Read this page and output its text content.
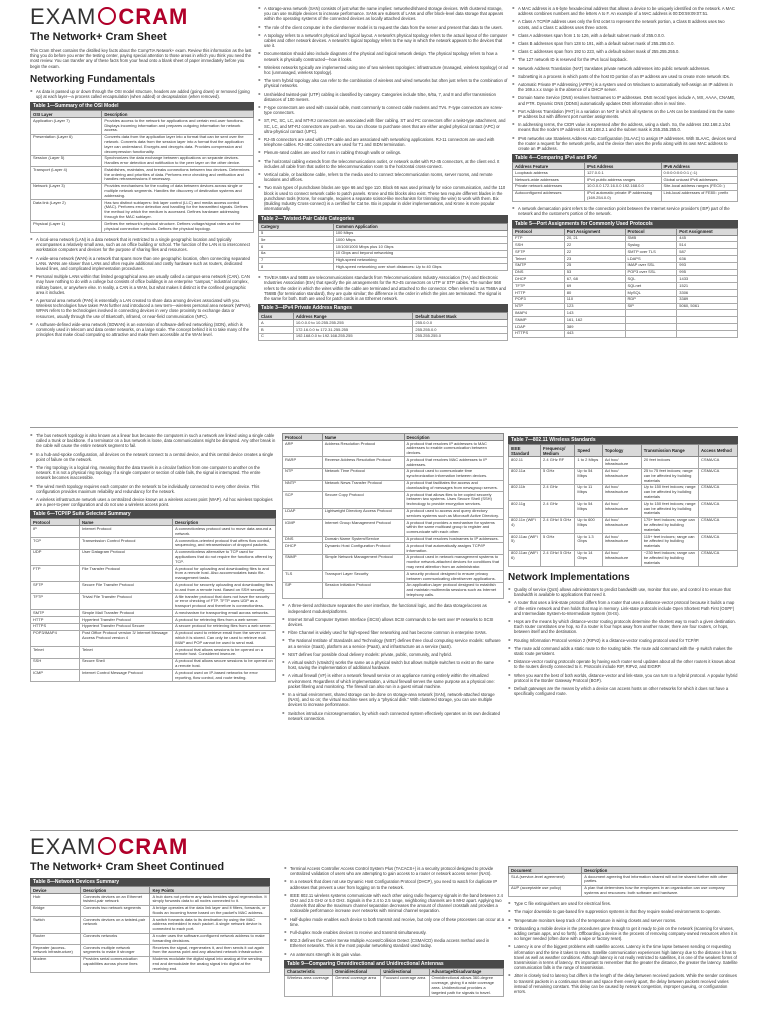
EXAM CRAM
The Network+ Cram Sheet

This Cram Sheet contains the distilled key facts about the CompTIA Network+ exam. Review this information as the last thing you do before you enter the testing center, paying special attention to those areas in which you think you need the most review. You can transfer any of these facts from your head onto a blank sheet of paper immediately before you begin the exam.

Networking Fundamentals
► As data is passed up or down through the OSI model structure, headers are added (going down) or removed (going up) at each layer—a process called encapsulation (when added) or decapsulation (when removed).
Table 1—Summary of the OSI Model
OSI Layer	Description
Application (Layer 7)	Provides access to the network for applications and certain end-user functions. Displays incoming information and prepares outgoing information for network access.
Presentation (Layer 6)	Converts data from the application layer into a format that can be sent over the network. Converts data from the session layer into a format that the application layer can understand. Encrypts and decrypts data. Provides compression and decompression functionality.
Session (Layer 5)	Synchronizes the data exchange between applications on separate devices. Handles error detection and notification to the peer layer on the other device.
Transport (Layer 4)	Establishes, maintains, and breaks connections between two devices. Determines the ordering and priorities of data. Performs error checking and verification and handles retransmissions if necessary.
Network (Layer 3)	Provides mechanisms for the routing of data between devices across single or multiple network segments. Handles the discovery of destination systems and addressing.
Data link (Layer 2)	Has two distinct sublayers: link layer control (LLC) and media access control (MAC). Performs error detection and handling for the transmitted signals. Defines the method by which the medium is accessed. Defines hardware addressing through the MAC sublayer.
Physical (Layer 1)	Defines the network's physical structure. Defines voltage/signal rates and the physical connection methods. Defines the physical topology.
► A local-area network (LAN) is a data network that is restricted to a single geographic location and typically encompasses a relatively small area, such as an office building or school. The function of the LAN is to interconnect workstation computers and devices for the purpose of sharing files and resources.
► A wide-area network (WAN) is a network that spans more than one geographic location, often connecting separated LANs. WANs are slower than LANs and often require additional and costly hardware such as routers, dedicated leased lines, and complicated implementation procedures.
► Personal multiple LANs within that limited geographical area are usually called a campus-area network (CAN). CAN may have nothing to do with a college but consists of office buildings in an enterprise "campus," industrial complex, military bases, or anywhere else. In reality, a CAN is a WAN, but what makes it distinct is the confined geographic area it includes.
► A personal area network (PAN) is essentially a LAN created to share data among devices associated with you. Wireless technologies have taken PAN further and introduced a new term—wireless personal area network (WPAN). WPAN refers to the technologies involved in connecting devices in very close proximity to exchange data or resources, usually through the use of Bluetooth, infrared, or near-field communication (NFC).
► A software-defined wide-area network (SDWAN) is an extension of software-defined networking (SDN), which is commonly used in telecom and data center networks, on a large scale. The concept behind it is to take many of the principles that make cloud computing so attractive and make them accessible at the WAN level.
► A storage-area network (SAN) consists of just what the name implies: networked/shared storage devices. With clustered storage, you can use multiple devices to increase performance. SANs are subsets of LANs and offer block-level data storage that appears within the operating systems of the connected devices as locally attached devices.
► The role of the client computer in the client/server model is to request the data from the server and present that data to the users.
► A topology refers to a network's physical and logical layout. A network's physical topology refers to the actual layout of the computer cables and other network devices. A network's logical topology refers to the way in which the network appears to the devices that use it.
► Documentation should also include diagrams of the physical and logical network design. The physical topology refers to how a network is physically constructed—how it looks.
► Wireless networks typically are implemented using one of two wireless topologies: infrastructure (managed, wireless topology) or ad hoc (unmanaged, wireless topology).
► The term hybrid topology also can refer to the combination of wireless and wired networks but often just refers to the combination of physical networks.
► Unshielded twisted-pair (UTP) cabling is classified by category. Categories include 5/5e, 6/6a, 7, and 8 and offer transmission distances of 100 meters.
► F-type connectors are used with coaxial cable, most commonly to connect cable modems and TVs. F-type connectors are screw-type connectors.
► ST, PC, SC, LC, and MT-RJ connectors are associated with fiber cabling. ST and PC connectors offer a twist-type attachment, and SC, LC, and MT-RJ connectors are push-on. You can choose to purchase ones that are either angled physical contact (APC) or ultra-physical contact (UPC).
► RJ-45 connectors are used with UTP cable and are associated with networking applications. RJ-11 connectors are used with telephone cables. RJ-48C connectors are used for T1 and ISDN termination.
► Plenum-rated cables are used for runs in cabling through walls or ceilings.
► The horizontal cabling extends from the telecommunications outlet, or network outlet with RJ-45 connectors, at the client end. It includes all cable from that outlet to the telecommunication room to the horizontal cross-connect.
► Vertical cable, or backbone cable, refers to the media used to connect telecommunication rooms, server rooms, and remote locations and offices.
► Two main types of punchdown blocks are type 66 and type 110. Block 66 was used primarily for voice communication, and the 110 block is used to connect network cable to patch panels. Krone and Bix blocks also exist. These two require different blades in the punchdown tools (Krone, for example, requires a separate scissor-like mechanism for trimming the wire) to work with them. Bix (Building Industry Cross-connect) is a certified for Cat 5e. Bix is popular in older implementations, and Krone is more popular internationally.
Table 2—Twisted-Pair Cable Categories
Category	Common Application
5	100 Mbps
5e	1000 Mbps
6	10/100/1000 Mbps plus 10 Gbps
6a	10 Gbps and beyond networking
7	High-speed networking
8	High-speed networking over short distances: Up to 40 Gbps
► TIA/EIA 568A and 568B are telecommunications standards from Telecommunications Industry Association (TIA) and Electronic Industries Association (EIA) that specify the pin arrangements for the RJ-45 connectors on UTP or STP cables. The number 568 refers to the order in which the wires within the cable are terminated and attached to the connector. Often referred to as T568A and T568B (for termination standard), they are quite similar; the difference is the order in which the pins are terminated. The signal is the same for both. Both are used for patch cords in an Ethernet network.
Table 3—IPv4 Private Address Ranges
Class	Address Range	Default Subnet Mask
A	10.0.0.0 to 10.255.255.255	255.0.0.0
B	172.16.0.0 to 172.31.255.255	255.255.0.0
C	192.168.0.0 to 192.168.255.255	255.255.255.0
► A MAC address is a 6-byte hexadecimal address that allows a device to be uniquely identified on the network. A MAC address combines numbers and the letters A to F. An example of a MAC address is 00:D0:59:09:07:51.
► A Class A TCP/IP address uses only the first octet to represent the network portion, a Class B address uses two octets, and a Class C address uses three octets.
► Class A addresses span from 1 to 126, with a default subnet mask of 255.0.0.0.
► Class B addresses span from 128 to 191, with a default subnet mask of 255.255.0.0.
► Class C addresses span from 192 to 223, with a default subnet mask of 255.255.255.0.
► The 127 network ID is reserved for the IPv4 local loopback.
► Network Address Translation (NAT) translates private network addresses into public network addresses.
► Subnetting is a process in which parts of the host ID portion of an IP address are used to create more network IDs.
► Automatic Private IP Addressing (APIPA) is a system used on Windows to automatically self-assign an IP address in the 169.x.x.x range in the absence of a DHCP server.
► Domain Name Service (DNS) resolves hostnames to IP addresses. DNS record types include A, MX, AAAA, CNAME, and PTR. Dynamic DNS (DDNS) automatically updates DNS information often in real time.
► Port Address Translation (PAT) is a variation on NAT in which all systems on the LAN can be translated into the same IP address but with different port number assignments.
► In addressing terms, the CIDR value is expressed after the address, using a slash. So, the address 192.168.2.1/24 means that the node's IP address is 192.168.2.1 and the subnet mask is 255.255.255.0.
► IPv6 networks use Stateless Address Auto Configuration (SLAAC) to assign IP addresses. With SLAAC, devices send the router a request for the network prefix, and the device then uses the prefix along with its own MAC address to create an IP address.
Table 4—Comparing IPv4 and IPv6
Address Feature	IPv4 Address	IPv6 Address
Loopback address	127.0.0.1	0:0:0:0:0:0:0:1 (::1)
Network-wide addresses	IPv4 public address ranges	Global unicast IPv6 addresses
Private network addresses	10.0.0.0 172.16.0.0 192.168.0.0	Site-local address ranges (FEC0::)
Autoconfigured addresses	IPv4 automatic private IP addressing (169.254.0.0)	Link-local addresses of FE80:: prefix
► A network demarcation point refers to the connection point between the Internet service provider's (ISP) part of the network and the customer's portion of the network.
Table 5—Port Assignments for Commonly Used Protocols
Protocol	Port Assignment	Protocol	Port Assignment
FTP	20, 21	SMB	445
SSH	22	Syslog	514
SFTP	22	SMTP over TLS	587
Telnet	23	LDAPS	636
SMTP	25	IMAP over SSL	993
DNS	53	POP3 over SSL	995
DHCP	67, 68	SQL	1433
TFTP	69	SQLnet	1521
HTTP	80	MySQL	3306
POP3	110	RDP	3389
NTP	123	SIP	5060, 5061
IMAP4	143		
SNMP	161, 162		
LDAP	389		
HTTPS	443		
► The bus network topology is also known as a linear bus because the computers in such a network are linked using a single cable called a trunk or backbone. If a terminator on a bus network is loose, data communications might be disrupted. Any other break in the cable will cause the entire network segment to fail.
► In a hub-and-spoke configuration, all devices on the network connect to a central device, and this central device creates a single point of failure on the network.
► The ring topology is a logical ring, meaning that the data travels in a circular fashion from one computer to another on the network. It is not a physical ring topology. If a single computer or section of cable fails, the signal is interrupted. The entire network becomes inaccessible.
► The wired mesh topology requires each computer on the network to be individually connected to every other device. This configuration provides maximum reliability and redundancy for the network.
► A wireless infrastructure network uses a centralized device known as a wireless access point (WAP). Ad hoc wireless topologies are a peer-to-peer configuration and do not use a wireless access point.
Table 6—TCP/IP Suite Selected Summary
Protocol	Name	Description
IP	Internet Protocol	A connectionless protocol used to move data around a network.
TCP	Transmission Control Protocol	A connection-oriented protocol that offers flow control, sequencing, and retransmission of dropped packets.
UDP	User Datagram Protocol	A connectionless alternative to TCP used for applications that do not require the functions offered by TCP.
FTP	File Transfer Protocol	A protocol for uploading and downloading files to and from a remote host. Also accommodates basic file-management tasks.
SFTP	Secure File Transfer Protocol	A protocol for securely uploading and downloading files to and from a remote host. Based on SSH security.
TFTP	Trivial File Transfer Protocol	A file transfer protocol that does not have the security or error checking of FTP. TFTP uses UDP as a transport protocol and therefore is connectionless.
SMTP	Simple Mail Transfer Protocol	A mechanism for transporting email across networks.
HTTP	Hypertext Transfer Protocol	A protocol for retrieving files from a web server.
HTTPS	Hypertext Transfer Protocol Secure	A secure protocol for retrieving files from a web server.
POP3/IMAP4	Post Office Protocol version 3/ Internet Message Access Protocol version 4	A protocol used to retrieve email from the server on which it is stored. Can only be used to retrieve mail. IMAP and POP cannot be used to send mail.
Telnet	Telnet	A protocol that allows sessions to be opened on a remote host. Considered insecure.
SSH	Secure Shell	A protocol that allows secure sessions to be opened on a remote host.
ICMP	Internet Control Message Protocol	A protocol used on IP-based networks for error reporting, flow control, and route testing.
Protocol	Name	Description
ARP	Address Resolution Protocol	A protocol that resolves IP addresses to MAC addresses to enable communication between devices.
RARP	Reverse Address Resolution Protocol	A protocol that resolves MAC addresses to IP addresses.
NTP	Network Time Protocol	A protocol used to communicate time synchronization information between devices.
NNTP	Network News Transfer Protocol	A protocol that facilitates the access and downloading of messages from newsgroup servers.
SCP	Secure Copy Protocol	A protocol that allows files to be copied securely between two systems. Uses Secure Shell (SSH) technology to provide encryption services.
LDAP	Lightweight Directory Access Protocol	A protocol used to access and query directory services systems such as Microsoft Active Directory.
IGMP	Internet Group Management Protocol	A protocol that provides a mechanism for systems within the same multicast group to register and communicate with each other.
DNS	Domain Name System/Service	A protocol that resolves hostnames to IP addresses.
DHCP	Dynamic Host Configuration Protocol	A protocol that automatically assigns TCP/IP information.
SNMP	Simple Network Management Protocol	A protocol used in network management systems to monitor network-attached devices for conditions that may need attention from an administrator.
TLS	Transport Layer Security	A security protocol designed to ensure privacy between communicating client/server applications.
SIP	Session Initiation Protocol	An application-layer protocol designed to establish and maintain multimedia sessions such as Internet telephony calls.
► A three-tiered architecture separates the user interface, the functional logic, and the data storage/access as independent modules/platforms.
► Internet Small Computer System Interface (iSCSI) allows SCSI commands to be sent over IP networks to SCSI devices.
► Fibre Channel is widely used for high-speed fiber networking and has become common in enterprise SANs.
► The National Institute of Standards and Technology (NIST) defines three cloud computing service models: software as a service (SaaS), platform as a service (PaaS), and infrastructure as a service (IaaS).
► NIST defines four possible cloud delivery models: private, public, community, and hybrid.
► A virtual switch (vSwitch) works the same as a physical switch but allows multiple switches to exist on the same host, saving the implementation of additional hardware.
► A virtual firewall (VF) is either a network firewall service or an appliance running entirely within the virtualized environment. Regardless of which implementation, a virtual firewall serves the same purpose as a physical one: packet filtering and monitoring. The firewall can also run in a guest virtual machine.
► In a virtual environment, shared storage can be done on storage-area network (SAN), network-attached storage (NAS), and so on; the virtual machine sees only a "physical disk." With clustered storage, you can use multiple devices to increase performance.
► Switches introduce microsegmentation, by which each connected system effectively operates on its own dedicated network connection.
Table 7—802.11 Wireless Standards
IEEE Standard	Frequency/ Medium	Speed	Topology	Transmission Range	Access Method
802.11	2.4 GHz RF	1 to 2 Mbps	Ad hoc/ infrastructure	20 feet indoors	CSMA/CA
802.11a	5 GHz	Up to 54 Mbps	Ad hoc/ infrastructure	25 to 75 feet indoors; range can be affected by building materials	CSMA/CA
802.11b	2.4 GHz	Up to 11 Mbps	Ad hoc/ infrastructure	Up to 150 feet indoors; range can be affected by building materials	CSMA/CA
802.11g	2.4 GHz	Up to 54 Mbps	Ad hoc/ infrastructure	Up to 150 feet indoors; range can be affected by building materials	CSMA/CA
802.11n (WiFi 4)	2.4 GHz/ 5 GHz	Up to 600 Mbps	Ad hoc/ infrastructure	175+ feet indoors; range can be affected by building materials	CSMA/CA
802.11ac (WiFi 5)	5 GHz	Up to 1.3 Gbps	Ad hoc/ infrastructure	115+ feet indoors; range can be affected by building materials	CSMA/CA
802.11ax (WiFi 6)	2.4 GHz/ 5 GHz	Up to 14 Gbps	Ad hoc/ infrastructure	~230 feet indoors; range can be affected by building materials	CSMA/CA
Network Implementations
► Quality of service (QoS) allows administrators to predict bandwidth use, monitor that use, and control it to ensure that bandwidth is available to applications that need it.
► A router that uses a link-state protocol differs from a router that uses a distance-vector protocol because it builds a map of the entire network and then holds that map in memory. Link-state protocols include Open Shortest Path First (OSPF) and Intermediate System-to-Intermediate System (IS-IS).
► Hops are the means by which distance-vector routing protocols determine the shortest way to reach a given destination. Each router constitutes one hop, so if a router is four hops away from another router, there are four routers, or hops, between itself and the destination.
► Routing Information Protocol version 2 (RIPv2) is a distance-vector routing protocol used for TCP/IP.
► The route add command adds a static route to the routing table. The route add command with the -p switch makes the static route persistent.
► Distance-vector routing protocols operate by having each router send updates about all the other routers it knows about to the routers directly connected to it. Protocols include RIP, RIPv2, and EIGRP.
► When you want the best of both worlds, distance-vector and link-state, you can turn to a hybrid protocol. A popular hybrid protocol is the Border Gateway Protocol (BGP).
► Default gateways are the means by which a device can access hosts on other networks for which it does not have a specifically configured route.
EXAM CRAM
The Network+ Cram Sheet Continued
Table 8—Network Devices Summary
Device	Description	Key Points
Hub	Connects devices on an Ethernet twisted-pair network	A hub does not perform any tasks besides signal regeneration. It simply forwards data to all nodes connected to it.
Bridge	Connects two network segments	A bridge operates at the data link layer and it filters, forwards, or floods an incoming frame based on the packet's MAC address.
Switch	Connects devices on a twisted-pair network	A switch forwards data to its destination by using the MAC address embedded in each packet. A single network device is connected to each port.
Router	Connects networks	A router uses the software-configured network address to make forwarding decisions.
Repeater (access-network infrastructure)	Connects multiple network segments to make it stronger	Receives the signal, regenerates it, and then sends it out again from the access point and any attached network infrastructure.
Modem	Provides serial communication capabilities across phone lines	Modems modulate the digital signal into analog at the sending end and demodulate the analog signal into digital at the receiving end.
► Terminal Access Controller Access Control System Plus (TACACS+) is a security protocol designed to provide centralized validation of users who are attempting to gain access to a router or network access server (NAS).
► In a network that does not use Dynamic Host Configuration Protocol (DHCP), you need to watch for duplicate IP addresses that prevent a user from logging on to the network.
► IEEE 802.11 wireless systems communicate with each other using radio frequency signals in the band between 2.4 GHz and 2.5 GHz or 5.0 GHz. Signals in the 2.4 to 2.5 range, neighboring channels are 5 MHz apart. Applying two channels that allow the maximum channel separation decreases the amount of channel crosstalk and provides a noticeable performance increase over networks with minimal channel separation.
► Half-duplex mode enables each device to both transmit and receive, but only one of these processes can occur at a time.
► Full-duplex mode enables devices to receive and transmit simultaneously.
► 802.3 defines the Carrier Sense Multiple Access/Collision Detect (CSMA/CD) media access method used in Ethernet networks. This is the most popular networking standard used today.
► An antenna's strength is its gain value.
Table 9—Comparing Omnidirectional and Unidirectional Antennas
Characteristic	Omnidirectional	Unidirectional	Advantage/Disadvantage
Wireless area coverage	General coverage area	Focused coverage area	Omnidirectional allows 360-degree coverage, giving it a wide coverage area. Unidirectional provides a targeted path for signals to travel.
Document	Description
SLA (service-level agreement)	A document agreeing that information shared will not be shared further with other parties.
AUP (acceptable use policy)	A plan that determines how the employees in an organization can use company systems and resources: both software and hardware.
► Type C file extinguishers are used for electrical fires.
► The major downside to gas-based fire suppression systems is that they require sealed environments to operate.
► Temperature monitors keep track of the temperature in wiring closets and server rooms.
► Onboarding a mobile device is the procedures gone through to get it ready to join on the network (scanning for viruses, adding certain apps, and so forth). Offboarding a device is the process of removing company-owned resources when it is no longer needed (often done with a wipe or factory reset).
► Latency is one of the biggest problems with satellite access. Latency is the time lapse between sending or requesting information and the time it takes to return. Satellite communication experiences high latency due to the distance it has to travel as well as weather conditions. Although latency is not really restricted to satellites, it is one of the weakest forms of transmission in terms of latency. It's important to remember that the greater the distance, the greater the latency. Satellite communication falls in the range of transmission.
► Jitter is closely tied to latency but differs in the length of the delay between received packets. While the sender continues to transmit packets in a continuous stream and space them evenly apart, the delay between packets received varies instead of remaining constant. This delay can be caused by network congestion, improper queuing, or configuration errors.
